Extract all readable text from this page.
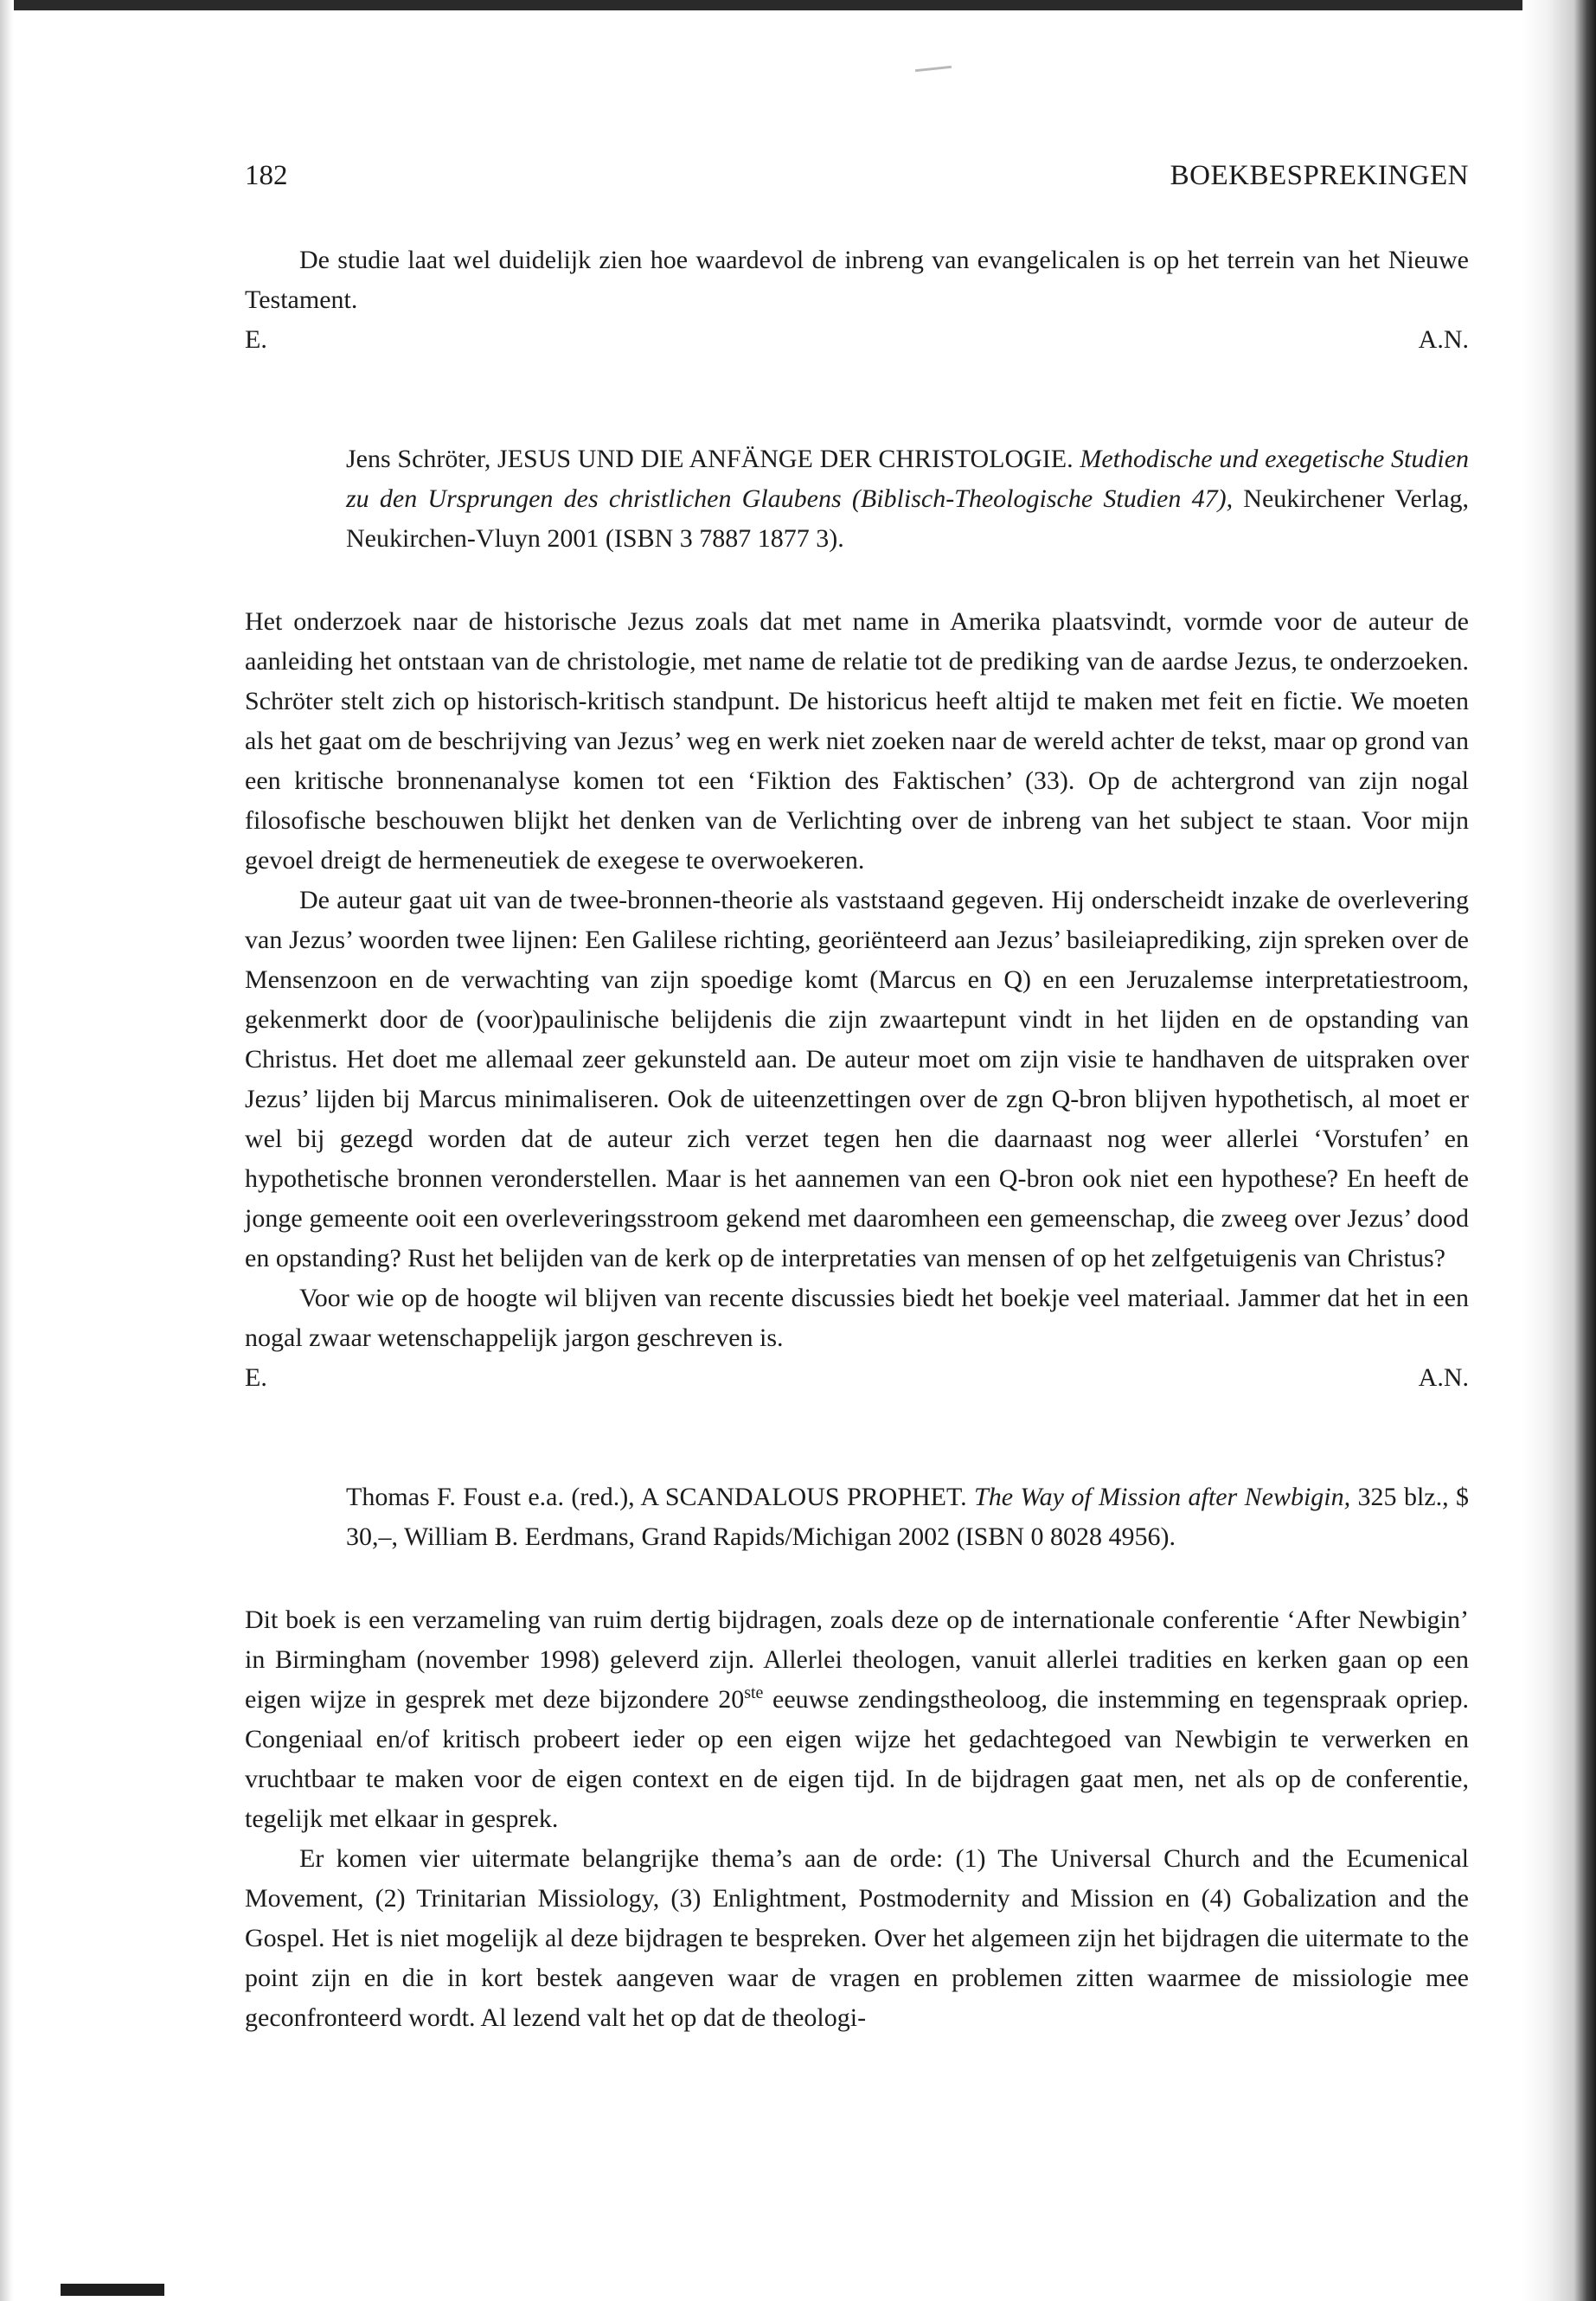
182	BOEKBESPREKINGEN

De studie laat wel duidelijk zien hoe waardevol de inbreng van evangelicalen is op het terrein van het Nieuwe Testament.

E.	A.N.

Jens Schröter, JESUS UND DIE ANFÄNGE DER CHRISTOLOGIE. Methodische und exegetische Studien zu den Ursprungen des christlichen Glaubens (Biblisch-Theologische Studien 47), Neukirchener Verlag, Neukirchen-Vluyn 2001 (ISBN 3 7887 1877 3).

Het onderzoek naar de historische Jezus zoals dat met name in Amerika plaatsvindt, vormde voor de auteur de aanleiding het ontstaan van de christologie, met name de relatie tot de prediking van de aardse Jezus, te onderzoeken. Schröter stelt zich op historisch-kritisch standpunt. De historicus heeft altijd te maken met feit en fictie. We moeten als het gaat om de beschrijving van Jezus’ weg en werk niet zoeken naar de wereld achter de tekst, maar op grond van een kritische bronnenanalyse komen tot een ‘Fiktion des Faktischen’ (33). Op de achtergrond van zijn nogal filosofische beschouwen blijkt het denken van de Verlichting over de inbreng van het subject te staan. Voor mijn gevoel dreigt de hermeneutiek de exegese te overwoekeren.

De auteur gaat uit van de twee-bronnen-theorie als vaststaand gegeven. Hij onderscheidt inzake de overlevering van Jezus’ woorden twee lijnen: Een Galilese richting, georiënteerd aan Jezus’ basileiaprediking, zijn spreken over de Mensenzoon en de verwachting van zijn spoedige komt (Marcus en Q) en een Jeruzalemse interpretatiestroom, gekenmerkt door de (voor)paulinische belijdenis die zijn zwaartepunt vindt in het lijden en de opstanding van Christus. Het doet me allemaal zeer gekunsteld aan. De auteur moet om zijn visie te handhaven de uitspraken over Jezus’ lijden bij Marcus minimaliseren. Ook de uiteenzettingen over de zgn Q-bron blijven hypothetisch, al moet er wel bij gezegd worden dat de auteur zich verzet tegen hen die daarnaast nog weer allerlei ‘Vorstufen’ en hypothetische bronnen veronderstellen. Maar is het aannemen van een Q-bron ook niet een hypothese? En heeft de jonge gemeente ooit een overleveringsstroom gekend met daaromheen een gemeenschap, die zweeg over Jezus’ dood en opstanding? Rust het belijden van de kerk op de interpretaties van mensen of op het zelfgetuigenis van Christus?

Voor wie op de hoogte wil blijven van recente discussies biedt het boekje veel materiaal. Jammer dat het in een nogal zwaar wetenschappelijk jargon geschreven is.

E.	A.N.

Thomas F. Foust e.a. (red.), A SCANDALOUS PROPHET. The Way of Mission after Newbigin, 325 blz., $ 30,–, William B. Eerdmans, Grand Rapids/Michigan 2002 (ISBN 0 8028 4956).

Dit boek is een verzameling van ruim dertig bijdragen, zoals deze op de internationale conferentie ‘After Newbigin’ in Birmingham (november 1998) geleverd zijn. Allerlei theologen, vanuit allerlei tradities en kerken gaan op een eigen wijze in gesprek met deze bijzondere 20ste eeuwse zendingstheoloog, die instemming en tegenspraak opriep. Congeniaal en/of kritisch probeert ieder op een eigen wijze het gedachtegoed van Newbigin te verwerken en vruchtbaar te maken voor de eigen context en de eigen tijd. In de bijdragen gaat men, net als op de conferentie, tegelijk met elkaar in gesprek.

Er komen vier uitermate belangrijke thema’s aan de orde: (1) The Universal Church and the Ecumenical Movement, (2) Trinitarian Missiology, (3) Enlightment, Postmodernity and Mission en (4) Gobalization and the Gospel. Het is niet mogelijk al deze bijdragen te bespreken. Over het algemeen zijn het bijdragen die uitermate to the point zijn en die in kort bestek aangeven waar de vragen en problemen zitten waarmee de missiologie mee geconfronteerd wordt. Al lezend valt het op dat de theologi-
